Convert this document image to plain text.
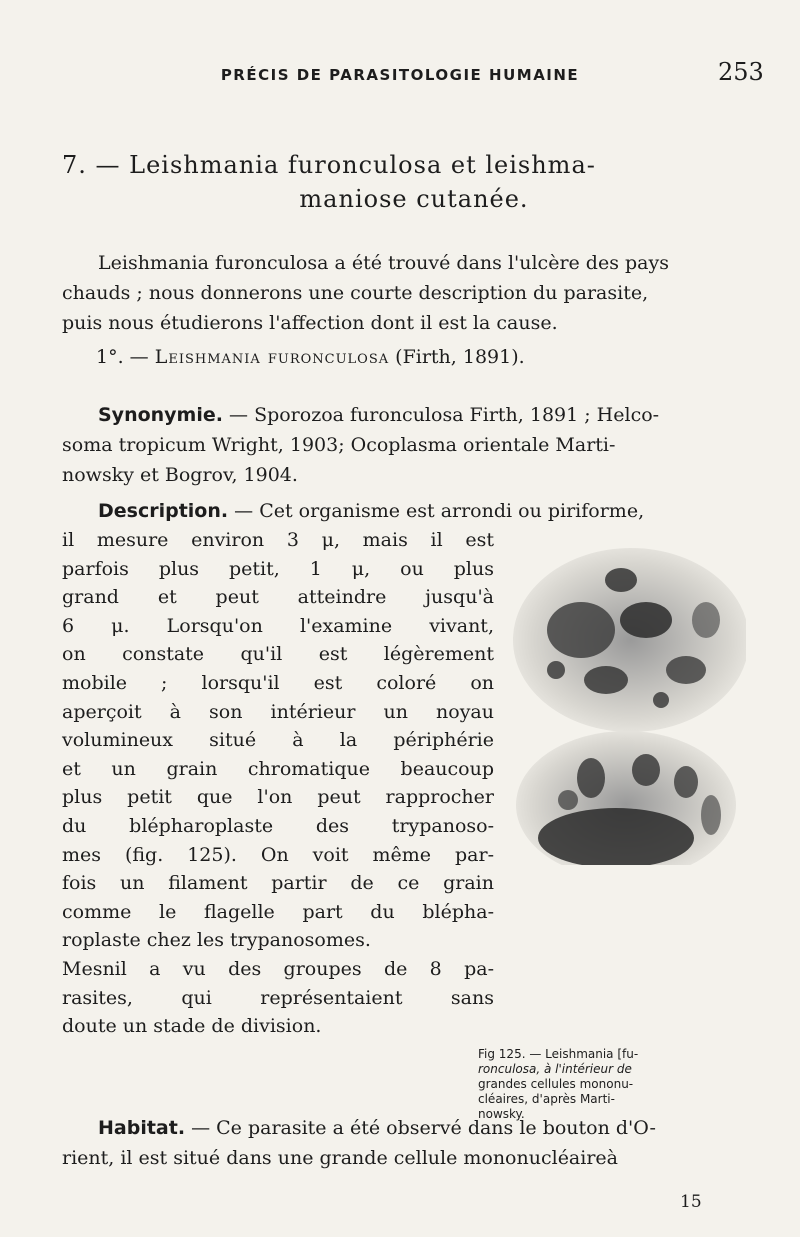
PRÉCIS DE PARASITOLOGIE HUMAINE	253
7. — Leishmania furonculosa et leishma-
maniose cutanée.
Leishmania furonculosa a été trouvé dans l'ulcère des pays
chauds ; nous donnerons une courte description du parasite,
puis nous étudierons l'affection dont il est la cause.
1°. — Leishmania furonculosa (Firth, 1891).
Synonymie. — Sporozoa furonculosa Firth, 1891 ; Helco-
soma tropicum Wright, 1903; Ocoplasma orientale Marti-
nowsky et Bogrov, 1904.
Description. — Cet organisme est arrondi ou piriforme,
il mesure environ 3 μ, mais il est
parfois plus petit, 1 μ, ou plus
grand et peut atteindre jusqu'à
6 μ. Lorsqu'on l'examine vivant,
on constate qu'il est légèrement
mobile ; lorsqu'il est coloré on
aperçoit à son intérieur un noyau
volumineux situé à la périphérie
et un grain chromatique beaucoup
plus petit que l'on peut rapprocher
du blépharoplaste des trypanoso-
mes (fig. 125). On voit même par-
fois un filament partir de ce grain
comme le flagelle part du blépha-
roplaste chez les trypanosomes.
Mesnil a vu des groupes de 8 pa-
rasites, qui représentaient sans
doute un stade de division.
Fig 125. — Leishmania [fu-
ronculosa, à l'intérieur de
grandes cellules mononu-
cléaires, d'après Marti-
nowsky.
Habitat. — Ce parasite a été observé dans le bouton d'O-
rient, il est situé dans une grande cellule mononucléaireà
15
